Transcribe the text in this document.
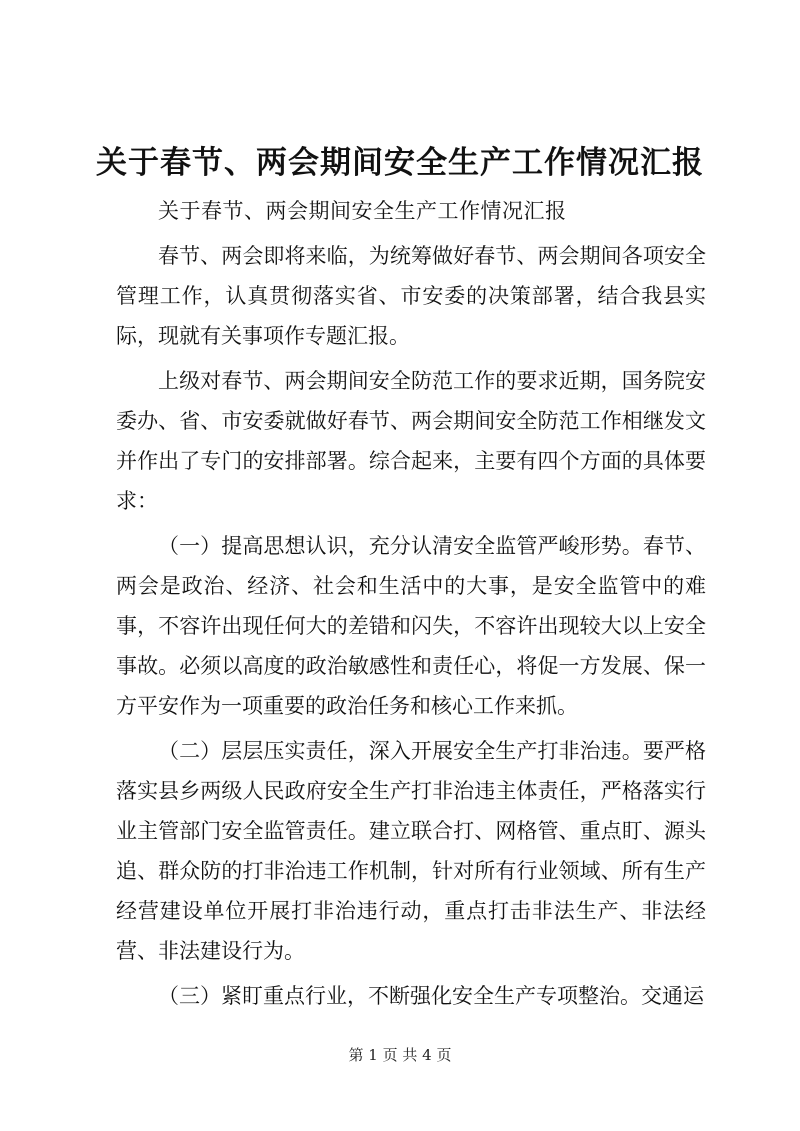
关于春节、两会期间安全生产工作情况汇报

关于春节、两会期间安全生产工作情况汇报

春节、两会即将来临，为统筹做好春节、两会期间各项安全管理工作，认真贯彻落实省、市安委的决策部署，结合我县实际，现就有关事项作专题汇报。

上级对春节、两会期间安全防范工作的要求近期，国务院安委办、省、市安委就做好春节、两会期间安全防范工作相继发文并作出了专门的安排部署。综合起来，主要有四个方面的具体要求：

（一）提高思想认识，充分认清安全监管严峻形势。春节、两会是政治、经济、社会和生活中的大事，是安全监管中的难事，不容许出现任何大的差错和闪失，不容许出现较大以上安全事故。必须以高度的政治敏感性和责任心，将促一方发展、保一方平安作为一项重要的政治任务和核心工作来抓。

（二）层层压实责任，深入开展安全生产打非治违。要严格落实县乡两级人民政府安全生产打非治违主体责任，严格落实行业主管部门安全监管责任。建立联合打、网格管、重点盯、源头追、群众防的打非治违工作机制，针对所有行业领域、所有生产经营建设单位开展打非治违行动，重点打击非法生产、非法经营、非法建设行为。

（三）紧盯重点行业，不断强化安全生产专项整治。交通运

第 1 页 共 4 页
